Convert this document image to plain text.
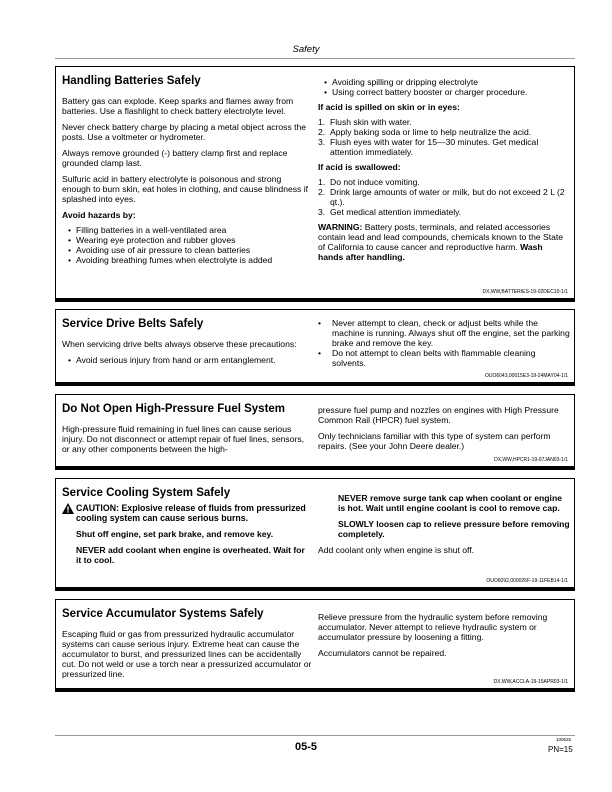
Safety
Handling Batteries Safely

Battery gas can explode. Keep sparks and flames away from batteries. Use a flashlight to check battery electrolyte level.

Never check battery charge by placing a metal object across the posts. Use a voltmeter or hydrometer.

Always remove grounded (-) battery clamp first and replace grounded clamp last.

Sulfuric acid in battery electrolyte is poisonous and strong enough to burn skin, eat holes in clothing, and cause blindness if splashed into eyes.

Avoid hazards by:
• Filling batteries in a well-ventilated area
• Wearing eye protection and rubber gloves
• Avoiding use of air pressure to clean batteries
• Avoiding breathing fumes when electrolyte is added
• Avoiding spilling or dripping electrolyte
• Using correct battery booster or charger procedure.
If acid is spilled on skin or in eyes:
1. Flush skin with water.
2. Apply baking soda or lime to help neutralize the acid.
3. Flush eyes with water for 15—30 minutes. Get medical attention immediately.
If acid is swallowed:
1. Do not induce vomiting.
2. Drink large amounts of water or milk, but do not exceed 2 L (2 qt.).
3. Get medical attention immediately.

WARNING: Battery posts, terminals, and related accessories contain lead and lead compounds, chemicals known to the State of California to cause cancer and reproductive harm. Wash hands after handling.

DX,WW,BATTERIES-19-02DEC10-1/1
Service Drive Belts Safely

When servicing drive belts always observe these precautions:

• Avoid serious injury from hand or arm entanglement.
• Never attempt to clean, check or adjust belts while the machine is running. Always shut off the engine, set the parking brake and remove the key.
• Do not attempt to clean belts with flammable cleaning solvents.
OUO6043,00015E3-19-24MAY04-1/1
Do Not Open High-Pressure Fuel System

High-pressure fluid remaining in fuel lines can cause serious injury. Do not disconnect or attempt repair of fuel lines, sensors, or any other components between the high-

pressure fuel pump and nozzles on engines with High Pressure Common Rail (HPCR) fuel system.

Only technicians familiar with this type of system can perform repairs. (See your John Deere dealer.)

DX,WW,HPCR1-19-07JAN03-1/1
Service Cooling System Safely

CAUTION: Explosive release of fluids from pressurized cooling system can cause serious burns.

Shut off engine, set park brake, and remove key.

NEVER add coolant when engine is overheated. Wait for it to cool.

NEVER remove surge tank cap when coolant or engine is hot. Wait until engine coolant is cool to remove cap.

SLOWLY loosen cap to relieve pressure before removing completely.

Add coolant only when engine is shut off.

OUO6092,000026F-19-11FEB14-1/1
Service Accumulator Systems Safely

Escaping fluid or gas from pressurized hydraulic accumulator systems can cause serious injury. Extreme heat can cause the accumulator to burst, and pressurized lines can be accidentally cut. Do not weld or use a torch near a pressurized accumulator or pressurized line.

Relieve pressure from the hydraulic system before removing accumulator. Never attempt to relieve hydraulic system or accumulator pressure by loosening a fitting.

Accumulators cannot be repaired.

DX,WW,ACCLA-19-15APR03-1/1
05-5
100625
PN=15
